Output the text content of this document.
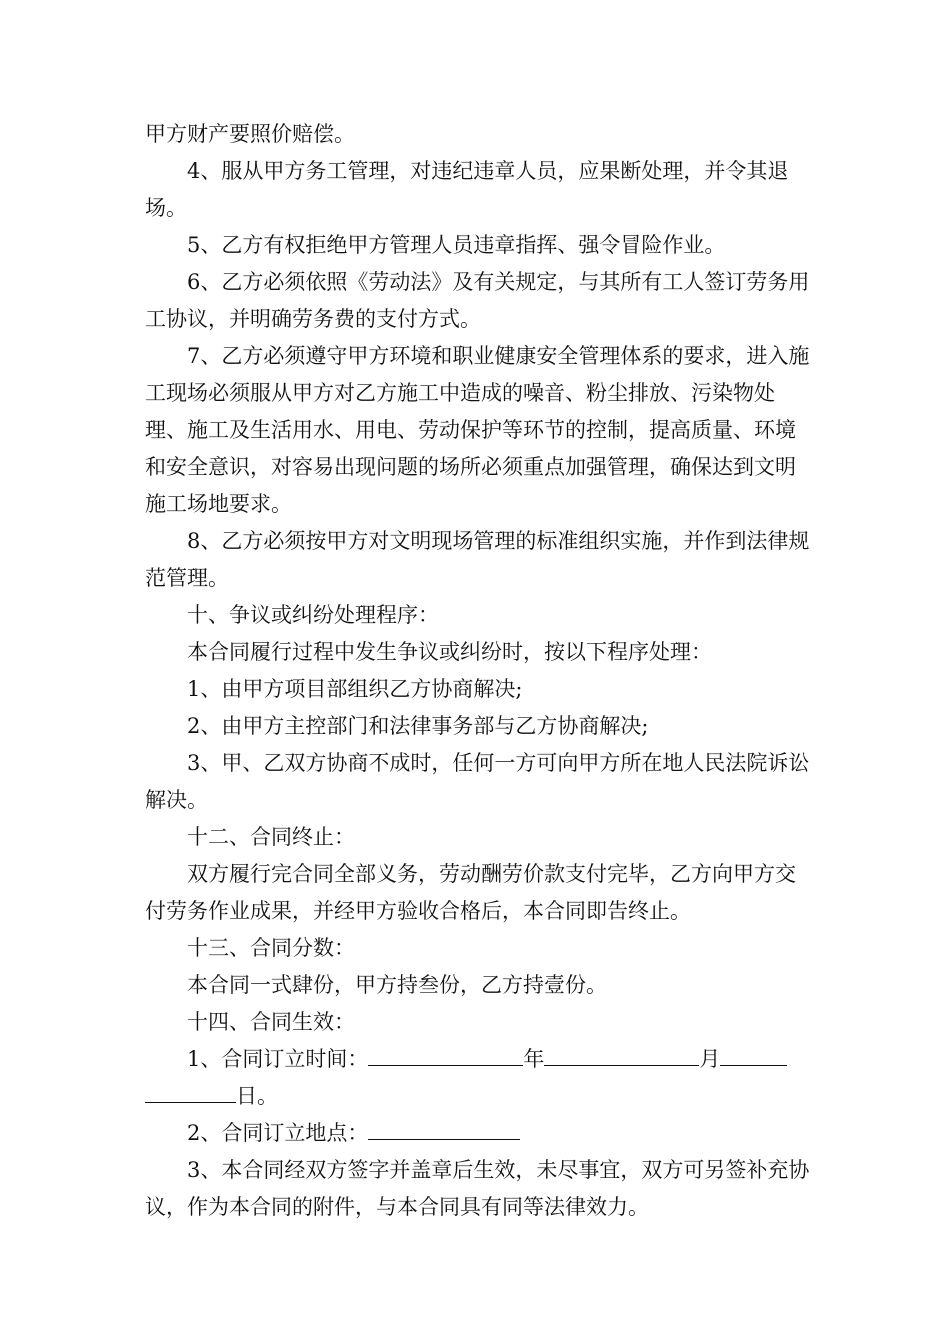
甲方财产要照价赔偿。

4、服从甲方务工管理，对违纪违章人员，应果断处理，并令其退场。

5、乙方有权拒绝甲方管理人员违章指挥、强令冒险作业。

6、乙方必须依照《劳动法》及有关规定，与其所有工人签订劳务用工协议，并明确劳务费的支付方式。

7、乙方必须遵守甲方环境和职业健康安全管理体系的要求，进入施工现场必须服从甲方对乙方施工中造成的噪音、粉尘排放、污染物处理、施工及生活用水、用电、劳动保护等环节的控制，提高质量、环境和安全意识，对容易出现问题的场所必须重点加强管理，确保达到文明施工场地要求。

8、乙方必须按甲方对文明现场管理的标准组织实施，并作到法律规范管理。

十、争议或纠纷处理程序：

本合同履行过程中发生争议或纠纷时，按以下程序处理：

1、由甲方项目部组织乙方协商解决;

2、由甲方主控部门和法律事务部与乙方协商解决;

3、甲、乙双方协商不成时，任何一方可向甲方所在地人民法院诉讼解决。

十二、合同终止：

双方履行完合同全部义务，劳动酬劳价款支付完毕，乙方向甲方交付劳务作业成果，并经甲方验收合格后，本合同即告终止。

十三、合同分数：

本合同一式肆份，甲方持叁份，乙方持壹份。

十四、合同生效：

1、合同订立时间：	年	月

日。

2、合同订立地点：

3、本合同经双方签字并盖章后生效，未尽事宜，双方可另签补充协议，作为本合同的附件，与本合同具有同等法律效力。
